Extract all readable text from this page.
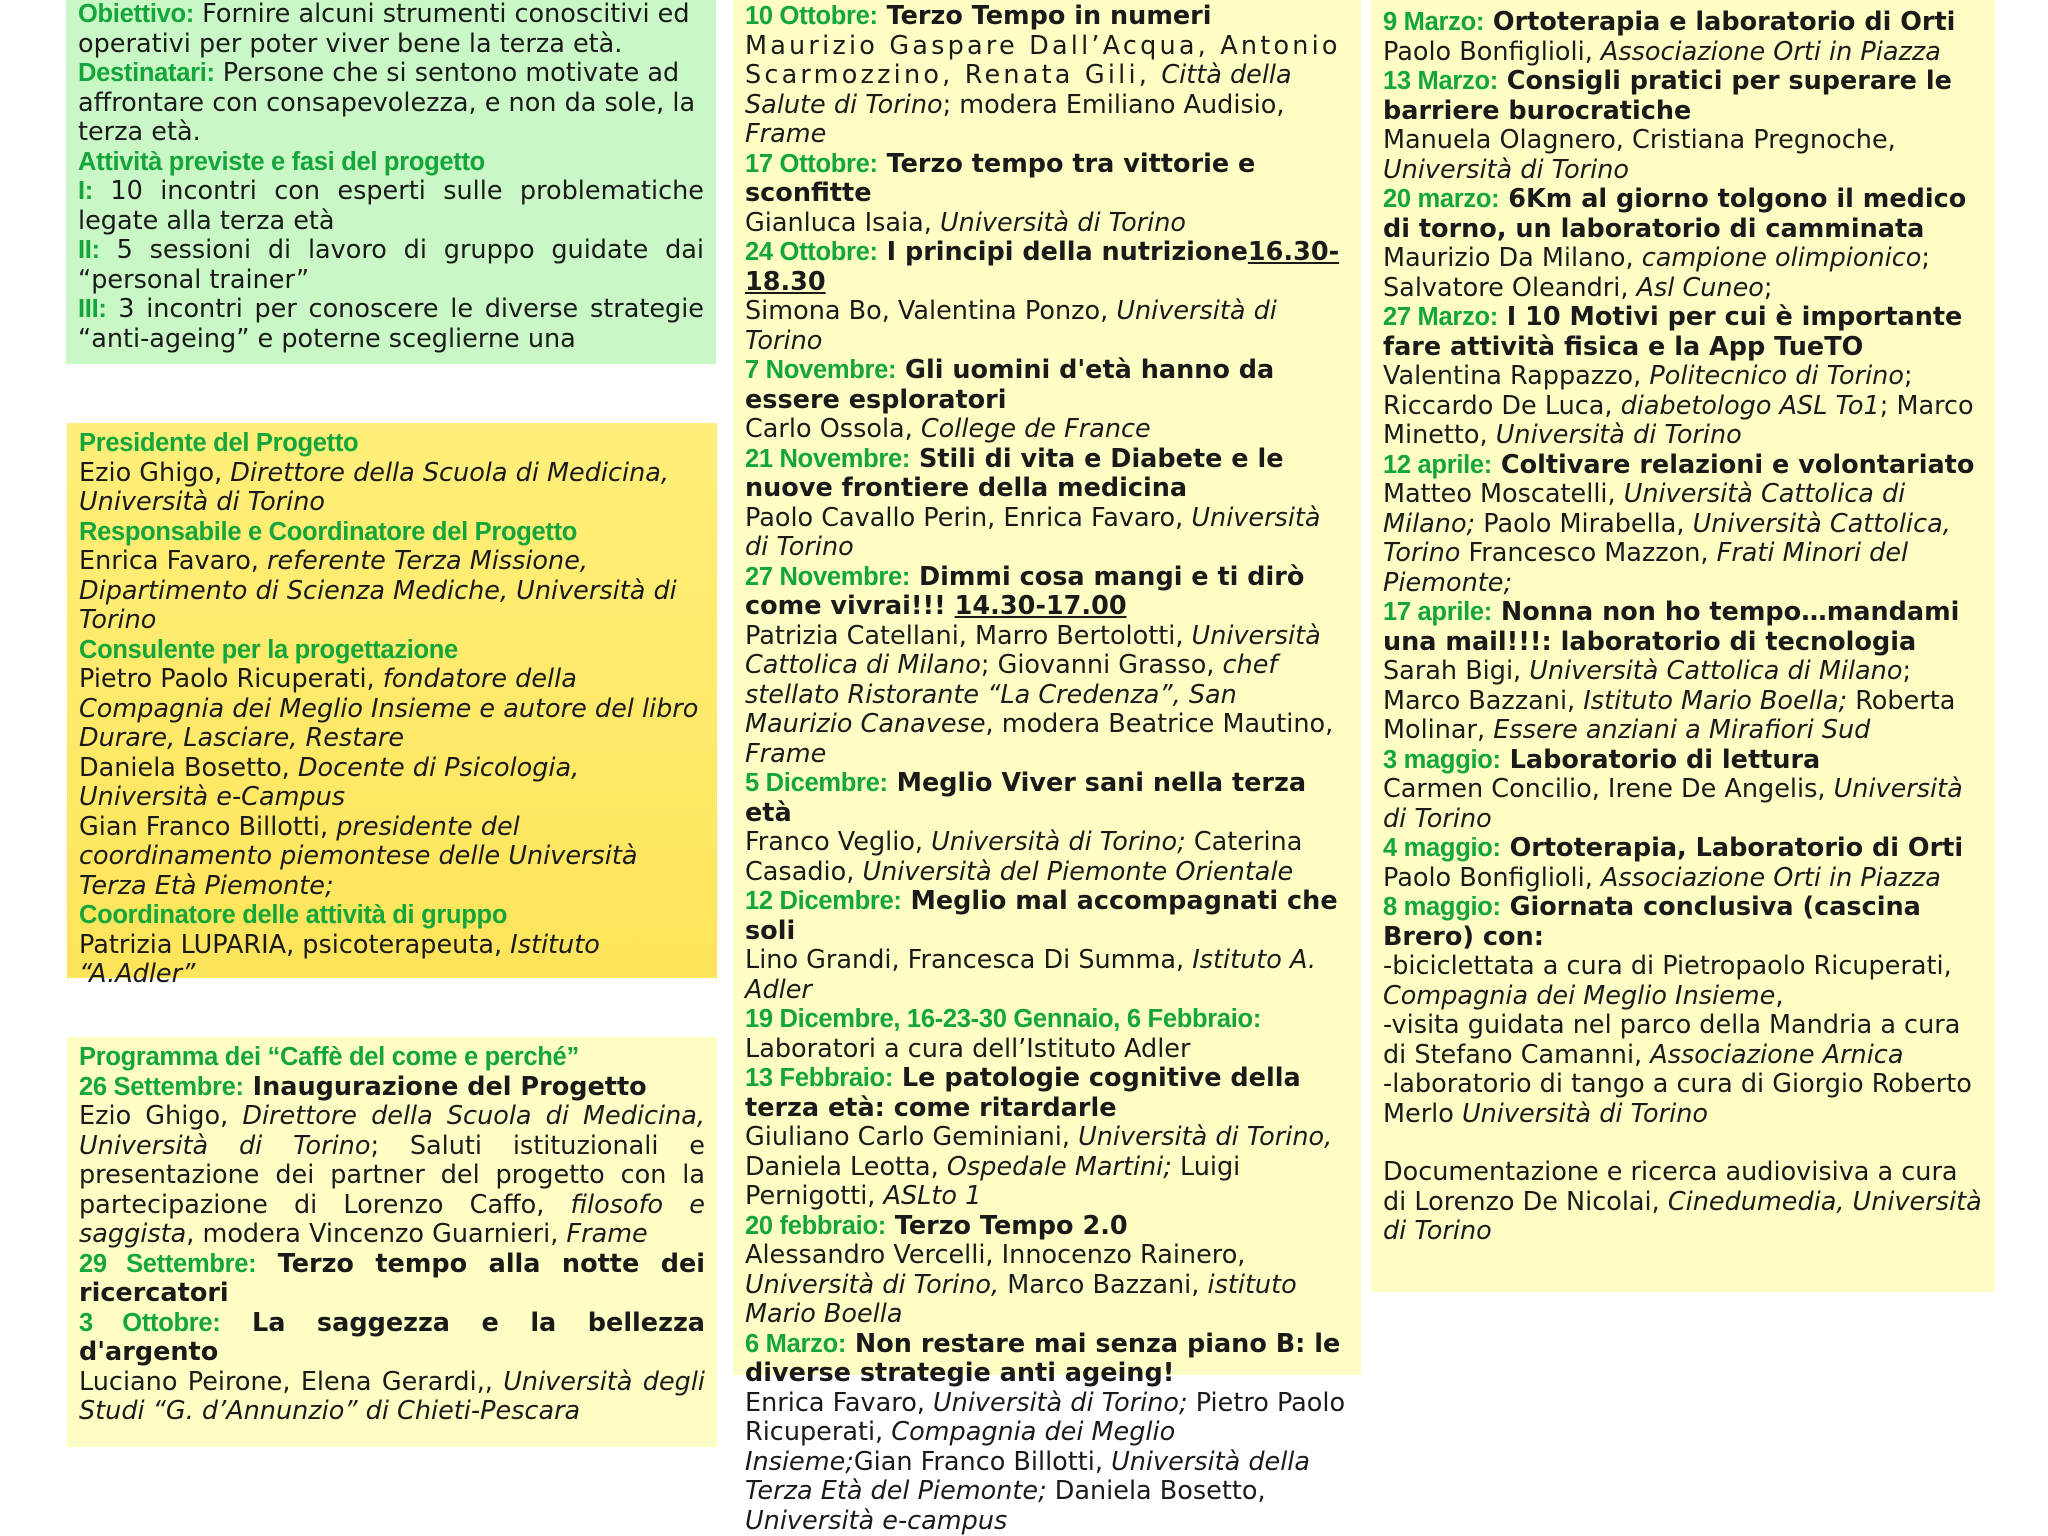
Obiettivo: Fornire alcuni strumenti conoscitivi ed operativi per poter viver bene la terza età.
Destinatari: Persone che si sentono motivate ad affrontare con consapevolezza, e non da sole, la terza età.
Attività previste e fasi del progetto
I: 10 incontri con esperti sulle problematiche legate alla terza età
II: 5 sessioni di lavoro di gruppo guidate dai “personal trainer”
III: 3 incontri per conoscere le diverse strategie “anti-ageing” e poterne sceglierne una
Presidente del Progetto
Ezio Ghigo, Direttore della Scuola di Medicina, Università di Torino
Responsabile e Coordinatore del Progetto
Enrica Favaro, referente Terza Missione, Dipartimento di Scienza Mediche, Università di Torino
Consulente per la progettazione
Pietro Paolo Ricuperati, fondatore della Compagnia dei Meglio Insieme e autore del libro Durare, Lasciare, Restare
Daniela Bosetto, Docente di Psicologia, Università e-Campus
Gian Franco Billotti, presidente del coordinamento piemontese delle Università Terza Età Piemonte;
Coordinatore delle attività di gruppo
Patrizia LUPARIA, psicoterapeuta, Istituto “A.Adler”
Programma dei “Caffè del come e perché”
26 Settembre: Inaugurazione del Progetto
Ezio Ghigo, Direttore della Scuola di Medicina, Università di Torino; Saluti istituzionali e presentazione dei partner del progetto con la partecipazione di Lorenzo Caffo, filosofo e saggista, modera Vincenzo Guarnieri, Frame
29 Settembre: Terzo tempo alla notte dei ricercatori
3 Ottobre: La saggezza e la bellezza d'argento
Luciano Peirone, Elena Gerardi,, Università degli Studi “G. d’Annunzio” di Chieti-Pescara
10 Ottobre: Terzo Tempo in numeri
Maurizio Gaspare Dall’Acqua, Antonio Scarmozzino, Renata Gili, Città della Salute di Torino; modera Emiliano Audisio, Frame
17 Ottobre: Terzo tempo tra vittorie e sconfitte
Gianluca Isaia, Università di Torino
24 Ottobre: I principi della nutrizione16.30-18.30
Simona Bo, Valentina Ponzo, Università di Torino
7 Novembre: Gli uomini d'età hanno da essere esploratori
Carlo Ossola, College de France
21 Novembre: Stili di vita e Diabete e le nuove frontiere della medicina
Paolo Cavallo Perin, Enrica Favaro, Università di Torino
27 Novembre: Dimmi cosa mangi e ti dirò come vivrai!!! 14.30-17.00
Patrizia Catellani, Marro Bertolotti, Università Cattolica di Milano; Giovanni Grasso, chef stellato Ristorante “La Credenza”, San Maurizio Canavese, modera Beatrice Mautino, Frame
5 Dicembre: Meglio Viver sani nella terza età
Franco Veglio, Università di Torino; Caterina Casadio, Università del Piemonte Orientale
12 Dicembre: Meglio mal accompagnati che soli
Lino Grandi, Francesca Di Summa, Istituto A. Adler
19 Dicembre, 16-23-30 Gennaio, 6 Febbraio:
Laboratori a cura dell’Istituto Adler
13 Febbraio: Le patologie cognitive della terza età: come ritardarle
Giuliano Carlo Geminiani, Università di Torino, Daniela Leotta, Ospedale Martini; Luigi Pernigotti, ASLto 1
20 febbraio: Terzo Tempo 2.0
Alessandro Vercelli, Innocenzo Rainero, Università di Torino, Marco Bazzani, istituto Mario Boella
6 Marzo: Non restare mai senza piano B: le diverse strategie anti ageing!
Enrica Favaro, Università di Torino; Pietro Paolo Ricuperati, Compagnia dei Meglio Insieme;Gian Franco Billotti, Università della Terza Età del Piemonte; Daniela Bosetto, Università e-campus
9 Marzo: Ortoterapia e laboratorio di Orti
Paolo Bonfiglioli, Associazione Orti in Piazza
13 Marzo: Consigli pratici per superare le barriere burocratiche
Manuela Olagnero, Cristiana Pregnoche, Università di Torino
20 marzo: 6Km al giorno tolgono il medico di torno, un laboratorio di camminata
Maurizio Da Milano, campione olimpionico; Salvatore Oleandri, Asl Cuneo;
27 Marzo: I 10 Motivi per cui è importante fare attività fisica e la App TueTO
Valentina Rappazzo, Politecnico di Torino; Riccardo De Luca, diabetologo ASL To1; Marco Minetto, Università di Torino
12 aprile: Coltivare relazioni e volontariato
Matteo Moscatelli, Università Cattolica di Milano; Paolo Mirabella, Università Cattolica, Torino Francesco Mazzon, Frati Minori del Piemonte;
17 aprile: Nonna non ho tempo…mandami una mail!!!: laboratorio di tecnologia
Sarah Bigi, Università Cattolica di Milano; Marco Bazzani, Istituto Mario Boella; Roberta Molinar, Essere anziani a Mirafiori Sud
3 maggio: Laboratorio di lettura
Carmen Concilio, Irene De Angelis, Università di Torino
4 maggio: Ortoterapia, Laboratorio di Orti
Paolo Bonfiglioli, Associazione Orti in Piazza
8 maggio: Giornata conclusiva (cascina Brero) con:
-biciclettata a cura di Pietropaolo Ricuperati, Compagnia dei Meglio Insieme,
-visita guidata nel parco della Mandria a cura di Stefano Camanni, Associazione Arnica
-laboratorio di tango a cura di Giorgio Roberto Merlo Università di Torino
Documentazione e ricerca audiovisiva a cura di Lorenzo De Nicolai, Cinedumedia, Università di Torino
